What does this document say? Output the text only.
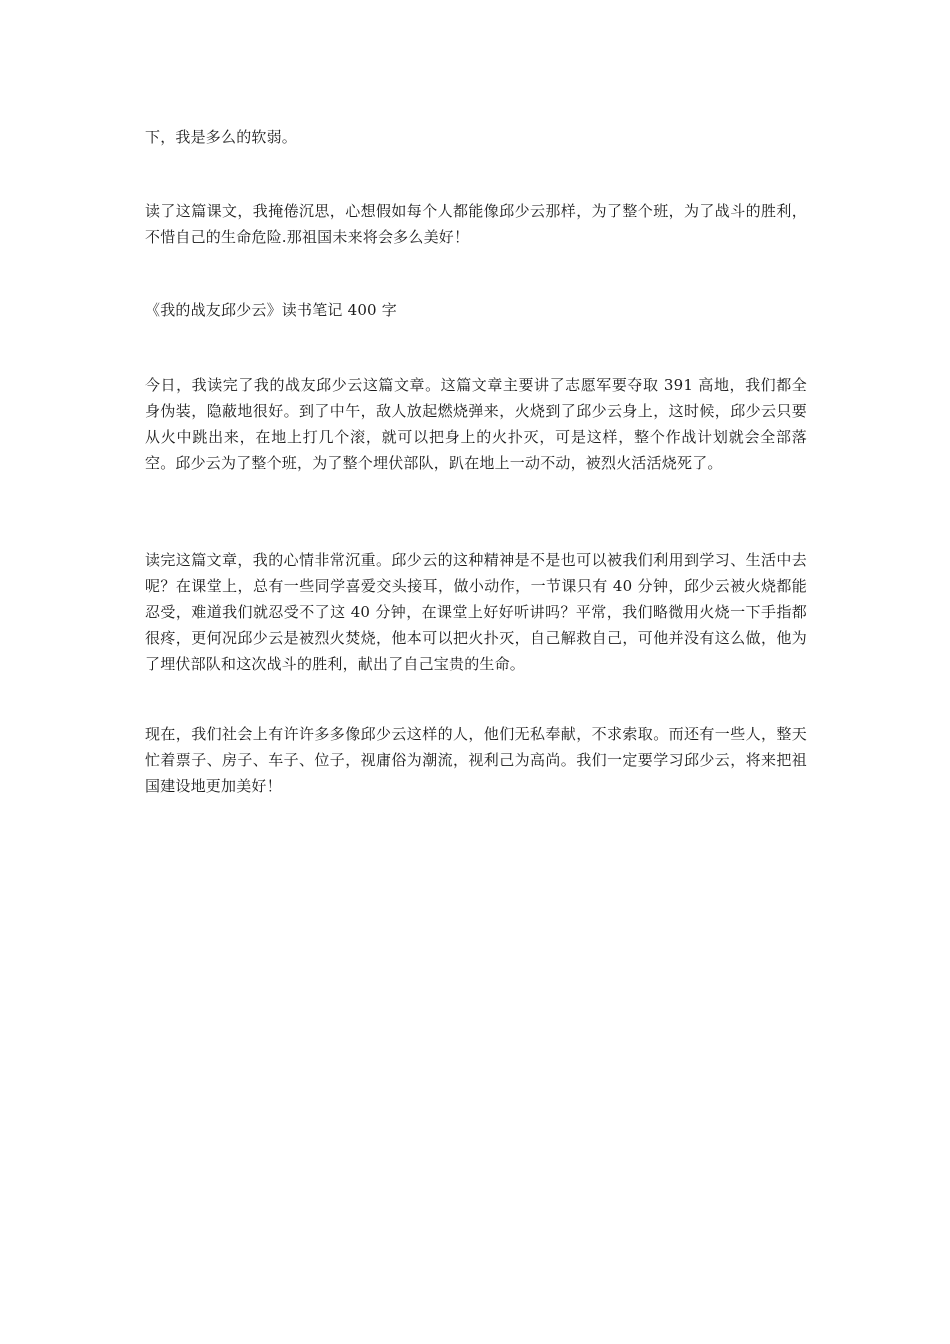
下，我是多么的软弱。

读了这篇课文，我掩倦沉思，心想假如每个人都能像邱少云那样，为了整个班，为了战斗的胜利，不惜自己的生命危险.那祖国未来将会多么美好！

《我的战友邱少云》读书笔记 400 字

今日，我读完了我的战友邱少云这篇文章。这篇文章主要讲了志愿军要夺取 391 高地，我们都全身伪装，隐蔽地很好。到了中午，敌人放起燃烧弹来，火烧到了邱少云身上，这时候，邱少云只要从火中跳出来，在地上打几个滚，就可以把身上的火扑灭，可是这样，整个作战计划就会全部落空。邱少云为了整个班，为了整个埋伏部队，趴在地上一动不动，被烈火活活烧死了。

读完这篇文章，我的心情非常沉重。邱少云的这种精神是不是也可以被我们利用到学习、生活中去呢？在课堂上，总有一些同学喜爱交头接耳，做小动作，一节课只有 40 分钟，邱少云被火烧都能忍受，难道我们就忍受不了这 40 分钟，在课堂上好好听讲吗？平常，我们略微用火烧一下手指都很疼，更何况邱少云是被烈火焚烧，他本可以把火扑灭，自己解救自己，可他并没有这么做，他为了埋伏部队和这次战斗的胜利，献出了自己宝贵的生命。

现在，我们社会上有许许多多像邱少云这样的人，他们无私奉献，不求索取。而还有一些人，整天忙着票子、房子、车子、位子，视庸俗为潮流，视利己为高尚。我们一定要学习邱少云，将来把祖国建设地更加美好！
